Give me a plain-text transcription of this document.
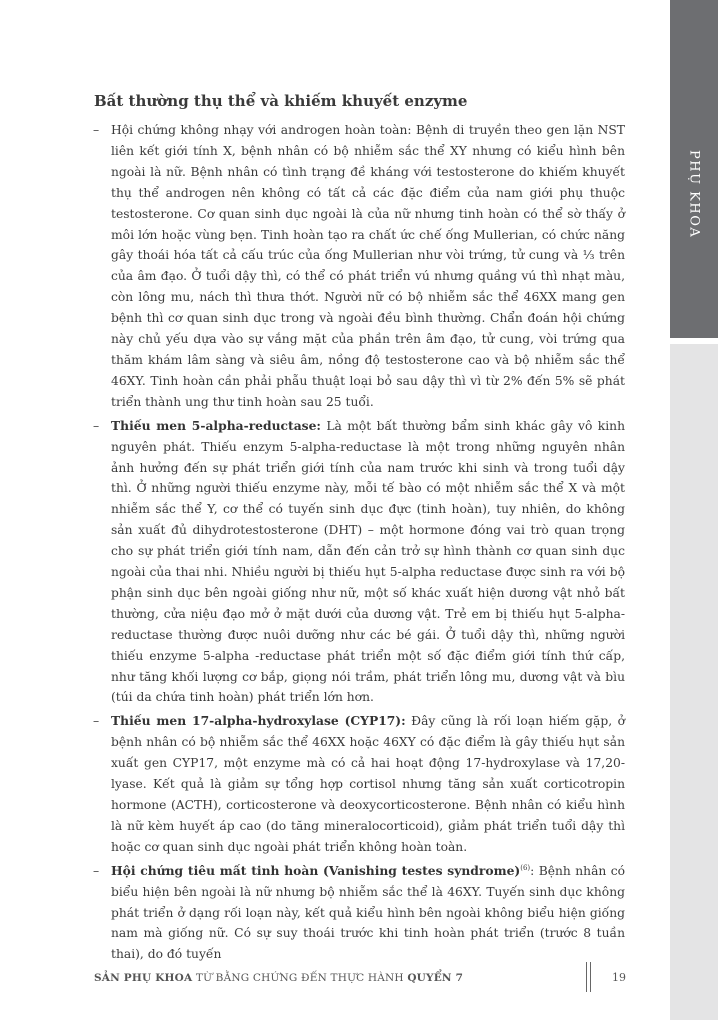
PHỤ KHOA
Bất thường thụ thể và khiếm khuyết enzyme
– Hội chứng không nhạy với androgen hoàn toàn: Bệnh di truyền theo gen lặn NST liên kết giới tính X, bệnh nhân có bộ nhiễm sắc thể XY nhưng có kiểu hình bên ngoài là nữ. Bệnh nhân có tình trạng đề kháng với testosterone do khiếm khuyết thụ thể androgen nên không có tất cả các đặc điểm của nam giới phụ thuộc testosterone. Cơ quan sinh dục ngoài là của nữ nhưng tinh hoàn có thể sờ thấy ở môi lớn hoặc vùng bẹn. Tinh hoàn tạo ra chất ức chế ống Mullerian, có chức năng gây thoái hóa tất cả cấu trúc của ống Mullerian như vòi trứng, tử cung và ⅓ trên của âm đạo. Ở tuổi dậy thì, có thể có phát triển vú nhưng quầng vú thì nhạt màu, còn lông mu, nách thì thưa thớt. Người nữ có bộ nhiễm sắc thể 46XX mang gen bệnh thì cơ quan sinh dục trong và ngoài đều bình thường. Chẩn đoán hội chứng này chủ yếu dựa vào sự vắng mặt của phần trên âm đạo, tử cung, vòi trứng qua thăm khám lâm sàng và siêu âm, nồng độ testosterone cao và bộ nhiễm sắc thể 46XY. Tinh hoàn cần phải phẫu thuật loại bỏ sau dậy thì vì từ 2% đến 5% sẽ phát triển thành ung thư tinh hoàn sau 25 tuổi.
– Thiếu men 5-alpha-reductase: Là một bất thường bẩm sinh khác gây vô kinh nguyên phát. Thiếu enzym 5-alpha-reductase là một trong những nguyên nhân ảnh hưởng đến sự phát triển giới tính của nam trước khi sinh và trong tuổi dậy thì. Ở những người thiếu enzyme này, mỗi tế bào có một nhiễm sắc thể X và một nhiễm sắc thể Y, cơ thể có tuyến sinh dục đực (tinh hoàn), tuy nhiên, do không sản xuất đủ dihydrotestosterone (DHT) – một hormone đóng vai trò quan trọng cho sự phát triển giới tính nam, dẫn đến cản trở sự hình thành cơ quan sinh dục ngoài của thai nhi. Nhiều người bị thiếu hụt 5-alpha reductase được sinh ra với bộ phận sinh dục bên ngoài giống như nữ, một số khác xuất hiện dương vật nhỏ bất thường, cửa niệu đạo mở ở mặt dưới của dương vật. Trẻ em bị thiếu hụt 5-alpha-reductase thường được nuôi dưỡng như các bé gái. Ở tuổi dậy thì, những người thiếu enzyme 5-alpha -reductase phát triển một số đặc điểm giới tính thứ cấp, như tăng khối lượng cơ bắp, giọng nói trầm, phát triển lông mu, dương vật và bìu (túi da chứa tinh hoàn) phát triển lớn hơn.
– Thiếu men 17-alpha-hydroxylase (CYP17): Đây cũng là rối loạn hiếm gặp, ở bệnh nhân có bộ nhiễm sắc thể 46XX hoặc 46XY có đặc điểm là gây thiếu hụt sản xuất gen CYP17, một enzyme mà có cả hai hoạt động 17-hydroxylase và 17,20-lyase. Kết quả là giảm sự tổng hợp cortisol nhưng tăng sản xuất corticotropin hormone (ACTH), corticosterone và deoxycorticosterone. Bệnh nhân có kiểu hình là nữ kèm huyết áp cao (do tăng mineralocorticoid), giảm phát triển tuổi dậy thì hoặc cơ quan sinh dục ngoài phát triển không hoàn toàn.
– Hội chứng tiêu mất tinh hoàn (Vanishing testes syndrome)$^{(6)}$: Bệnh nhân có biểu hiện bên ngoài là nữ nhưng bộ nhiễm sắc thể là 46XY. Tuyến sinh dục không phát triển ở dạng rối loạn này, kết quả kiểu hình bên ngoài không biểu hiện giống nam mà giống nữ. Có sự suy thoái trước khi tinh hoàn phát triển (trước 8 tuần thai), do đó tuyến
SẢN PHỤ KHOA TỪ BẰNG CHỨNG ĐẾN THỰC HÀNH QUYỂN 7	19
